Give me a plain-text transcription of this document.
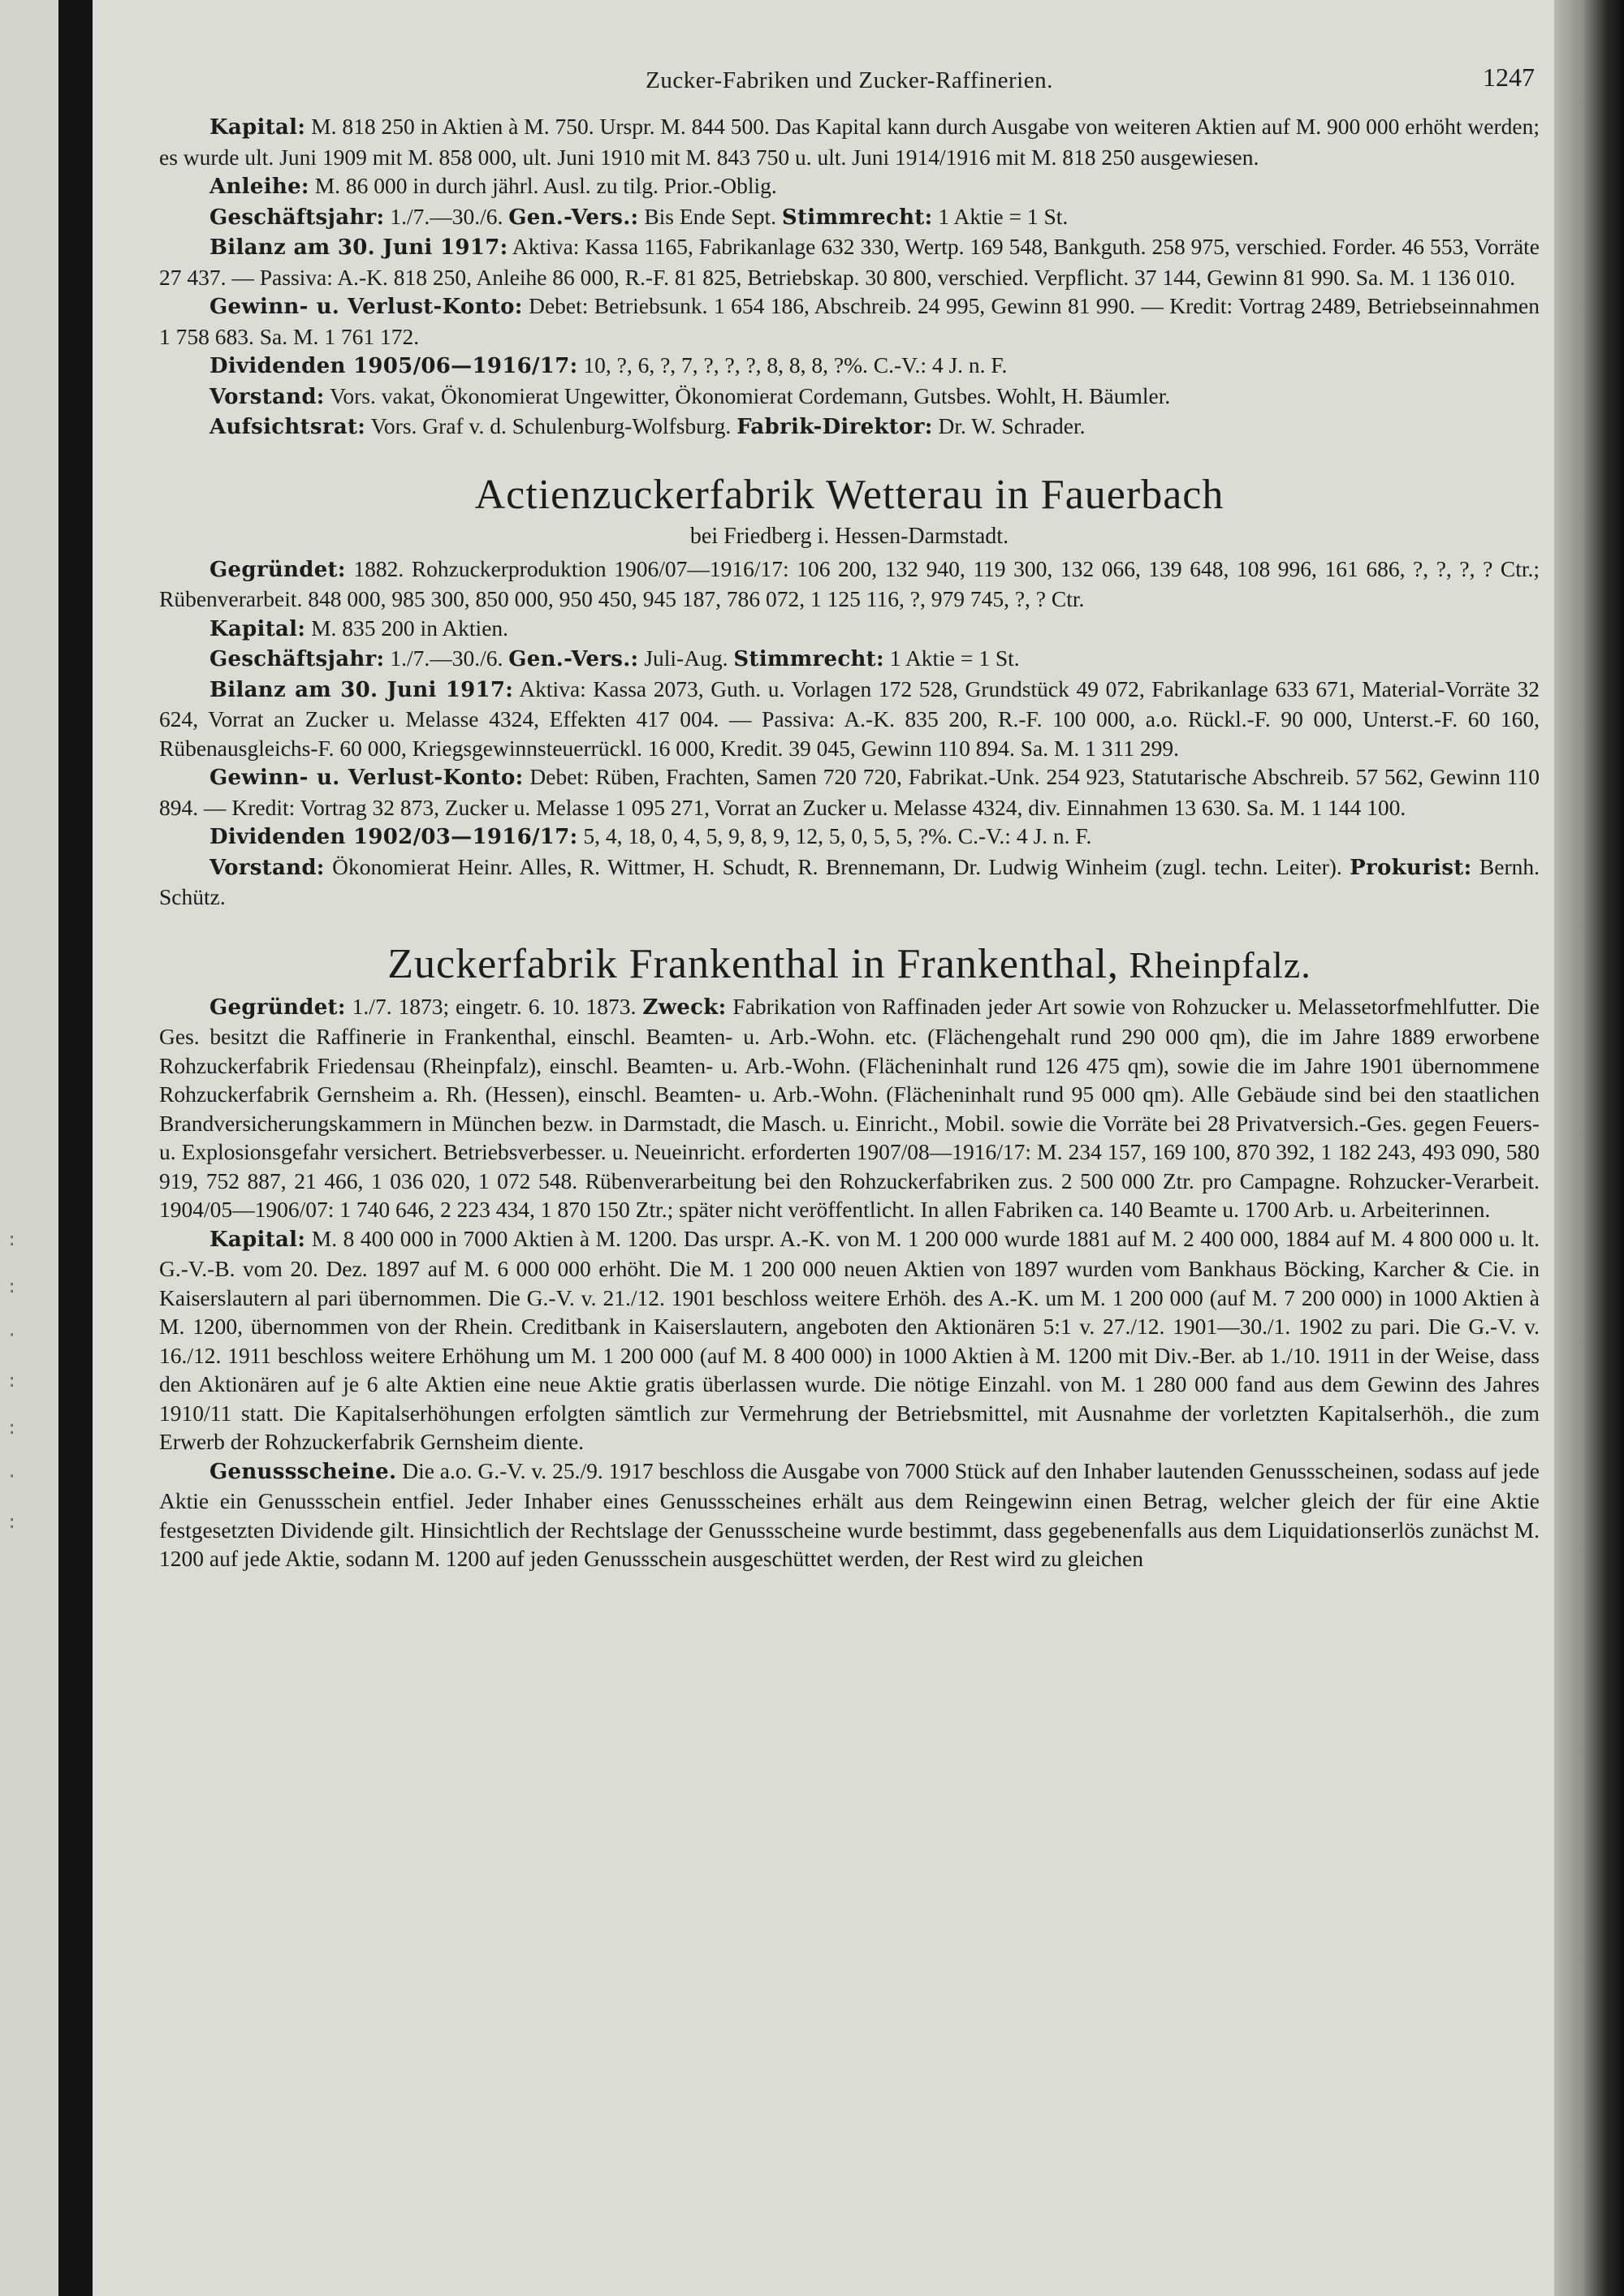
:
:
·
:
:
·
:
Zucker-Fabriken und Zucker-Raffinerien.	1247

Kapital: M. 818 250 in Aktien à M. 750. Urspr. M. 844 500. Das Kapital kann durch Ausgabe von weiteren Aktien auf M. 900 000 erhöht werden; es wurde ult. Juni 1909 mit M. 858 000, ult. Juni 1910 mit M. 843 750 u. ult. Juni 1914/1916 mit M. 818 250 ausgewiesen.

Anleihe: M. 86 000 in durch jährl. Ausl. zu tilg. Prior.-Oblig.

Geschäftsjahr: 1./7.—30./6. Gen.-Vers.: Bis Ende Sept. Stimmrecht: 1 Aktie = 1 St.

Bilanz am 30. Juni 1917: Aktiva: Kassa 1165, Fabrikanlage 632 330, Wertp. 169 548, Bankguth. 258 975, verschied. Forder. 46 553, Vorräte 27 437. — Passiva: A.-K. 818 250, Anleihe 86 000, R.-F. 81 825, Betriebskap. 30 800, verschied. Verpflicht. 37 144, Gewinn 81 990. Sa. M. 1 136 010.

Gewinn- u. Verlust-Konto: Debet: Betriebsunk. 1 654 186, Abschreib. 24 995, Gewinn 81 990. — Kredit: Vortrag 2489, Betriebseinnahmen 1 758 683. Sa. M. 1 761 172.

Dividenden 1905/06—1916/17: 10, ?, 6, ?, 7, ?, ?, ?, 8, 8, 8, ?%. C.-V.: 4 J. n. F.

Vorstand: Vors. vakat, Ökonomierat Ungewitter, Ökonomierat Cordemann, Gutsbes. Wohlt, H. Bäumler.

Aufsichtsrat: Vors. Graf v. d. Schulenburg-Wolfsburg. Fabrik-Direktor: Dr. W. Schrader.

Actienzuckerfabrik Wetterau in Fauerbach
bei Friedberg i. Hessen-Darmstadt.

Gegründet: 1882. Rohzuckerproduktion 1906/07—1916/17: 106 200, 132 940, 119 300, 132 066, 139 648, 108 996, 161 686, ?, ?, ?, ? Ctr.; Rübenverarbeit. 848 000, 985 300, 850 000, 950 450, 945 187, 786 072, 1 125 116, ?, 979 745, ?, ? Ctr.

Kapital: M. 835 200 in Aktien.

Geschäftsjahr: 1./7.—30./6. Gen.-Vers.: Juli-Aug. Stimmrecht: 1 Aktie = 1 St.

Bilanz am 30. Juni 1917: Aktiva: Kassa 2073, Guth. u. Vorlagen 172 528, Grundstück 49 072, Fabrikanlage 633 671, Material-Vorräte 32 624, Vorrat an Zucker u. Melasse 4324, Effekten 417 004. — Passiva: A.-K. 835 200, R.-F. 100 000, a.o. Rückl.-F. 90 000, Unterst.-F. 60 160, Rübenausgleichs-F. 60 000, Kriegsgewinnsteuerrückl. 16 000, Kredit. 39 045, Gewinn 110 894. Sa. M. 1 311 299.

Gewinn- u. Verlust-Konto: Debet: Rüben, Frachten, Samen 720 720, Fabrikat.-Unk. 254 923, Statutarische Abschreib. 57 562, Gewinn 110 894. — Kredit: Vortrag 32 873, Zucker u. Melasse 1 095 271, Vorrat an Zucker u. Melasse 4324, div. Einnahmen 13 630. Sa. M. 1 144 100.

Dividenden 1902/03—1916/17: 5, 4, 18, 0, 4, 5, 9, 8, 9, 12, 5, 0, 5, 5, ?%. C.-V.: 4 J. n. F.

Vorstand: Ökonomierat Heinr. Alles, R. Wittmer, H. Schudt, R. Brennemann, Dr. Ludwig Winheim (zugl. techn. Leiter). Prokurist: Bernh. Schütz.

Zuckerfabrik Frankenthal in Frankenthal, Rheinpfalz.

Gegründet: 1./7. 1873; eingetr. 6. 10. 1873. Zweck: Fabrikation von Raffinaden jeder Art sowie von Rohzucker u. Melassetorfmehlfutter. Die Ges. besitzt die Raffinerie in Frankenthal, einschl. Beamten- u. Arb.-Wohn. etc. (Flächengehalt rund 290 000 qm), die im Jahre 1889 erworbene Rohzuckerfabrik Friedensau (Rheinpfalz), einschl. Beamten- u. Arb.-Wohn. (Flächeninhalt rund 126 475 qm), sowie die im Jahre 1901 übernommene Rohzuckerfabrik Gernsheim a. Rh. (Hessen), einschl. Beamten- u. Arb.-Wohn. (Flächeninhalt rund 95 000 qm). Alle Gebäude sind bei den staatlichen Brandversicherungskammern in München bezw. in Darmstadt, die Masch. u. Einricht., Mobil. sowie die Vorräte bei 28 Privatversich.-Ges. gegen Feuers- u. Explosionsgefahr versichert. Betriebsverbesser. u. Neueinricht. erforderten 1907/08—1916/17: M. 234 157, 169 100, 870 392, 1 182 243, 493 090, 580 919, 752 887, 21 466, 1 036 020, 1 072 548. Rübenverarbeitung bei den Rohzuckerfabriken zus. 2 500 000 Ztr. pro Campagne. Rohzucker-Verarbeit. 1904/05—1906/07: 1 740 646, 2 223 434, 1 870 150 Ztr.; später nicht veröffentlicht. In allen Fabriken ca. 140 Beamte u. 1700 Arb. u. Arbeiterinnen.

Kapital: M. 8 400 000 in 7000 Aktien à M. 1200. Das urspr. A.-K. von M. 1 200 000 wurde 1881 auf M. 2 400 000, 1884 auf M. 4 800 000 u. lt. G.-V.-B. vom 20. Dez. 1897 auf M. 6 000 000 erhöht. Die M. 1 200 000 neuen Aktien von 1897 wurden vom Bankhaus Böcking, Karcher & Cie. in Kaiserslautern al pari übernommen. Die G.-V. v. 21./12. 1901 beschloss weitere Erhöh. des A.-K. um M. 1 200 000 (auf M. 7 200 000) in 1000 Aktien à M. 1200, übernommen von der Rhein. Creditbank in Kaiserslautern, angeboten den Aktionären 5:1 v. 27./12. 1901—30./1. 1902 zu pari. Die G.-V. v. 16./12. 1911 beschloss weitere Erhöhung um M. 1 200 000 (auf M. 8 400 000) in 1000 Aktien à M. 1200 mit Div.-Ber. ab 1./10. 1911 in der Weise, dass den Aktionären auf je 6 alte Aktien eine neue Aktie gratis überlassen wurde. Die nötige Einzahl. von M. 1 280 000 fand aus dem Gewinn des Jahres 1910/11 statt. Die Kapitalserhöhungen erfolgten sämtlich zur Vermehrung der Betriebsmittel, mit Ausnahme der vorletzten Kapitalserhöh., die zum Erwerb der Rohzuckerfabrik Gernsheim diente.

Genussscheine. Die a.o. G.-V. v. 25./9. 1917 beschloss die Ausgabe von 7000 Stück auf den Inhaber lautenden Genussscheinen, sodass auf jede Aktie ein Genussschein entfiel. Jeder Inhaber eines Genussscheines erhält aus dem Reingewinn einen Betrag, welcher gleich der für eine Aktie festgesetzten Dividende gilt. Hinsichtlich der Rechtslage der Genussscheine wurde bestimmt, dass gegebenenfalls aus dem Liquidationserlös zunächst M. 1200 auf jede Aktie, sodann M. 1200 auf jeden Genussschein ausgeschüttet werden, der Rest wird zu gleichen
